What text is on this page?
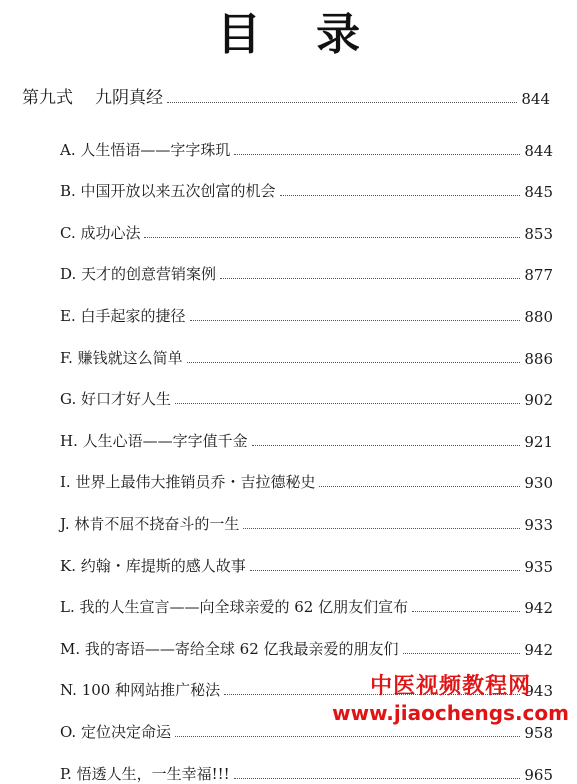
目 录
第九式 九阴真经	844
A. 人生悟语——字字珠玑	844
B. 中国开放以来五次创富的机会	845
C. 成功心法	853
D. 天才的创意营销案例	877
E. 白手起家的捷径	880
F. 赚钱就这么简单	886
G. 好口才好人生	902
H. 人生心语——字字值千金	921
I. 世界上最伟大推销员乔・吉拉德秘史	930
J. 林肯不屈不挠奋斗的一生	933
K. 约翰・库提斯的感人故事	935
L. 我的人生宣言——向全球亲爱的 62 亿朋友们宣布	942
M. 我的寄语——寄给全球 62 亿我最亲爱的朋友们	942
N. 100 种网站推广秘法	943
O. 定位决定命运	958
P. 悟透人生，一生幸福!!!	965
中医视频教程网
www.jiaochengs.com
